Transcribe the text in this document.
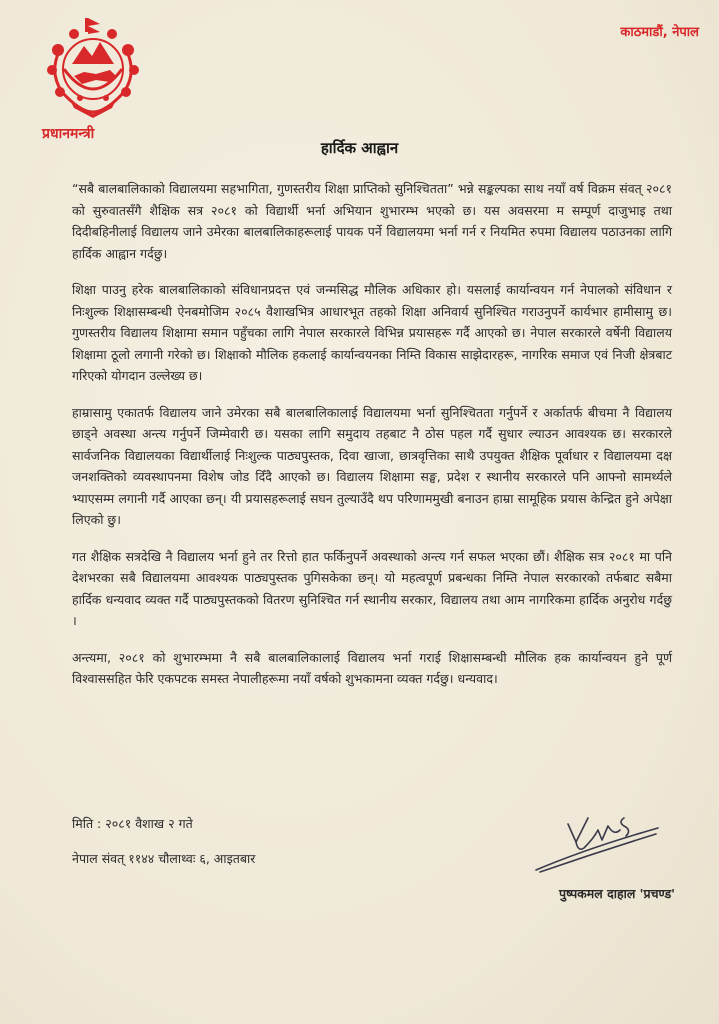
प्रधानमन्त्री
काठमाडौं, नेपाल
हार्दिक आह्वान

“सबै बालबालिकाको विद्यालयमा सहभागिता, गुणस्तरीय शिक्षा प्राप्तिको सुनिश्चितता” भन्ने सङ्कल्पका साथ नयाँ वर्ष विक्रम संवत् २०८१ को सुरुवातसँगै शैक्षिक सत्र २०८१ को विद्यार्थी भर्ना अभियान शुभारम्भ भएको छ। यस अवसरमा म सम्पूर्ण दाजुभाइ तथा दिदीबहिनीलाई विद्यालय जाने उमेरका बालबालिकाहरूलाई पायक पर्ने विद्यालयमा भर्ना गर्न र नियमित रुपमा विद्यालय पठाउनका लागि हार्दिक आह्वान गर्दछु।

शिक्षा पाउनु हरेक बालबालिकाको संविधानप्रदत्त एवं जन्मसिद्ध मौलिक अधिकार हो। यसलाई कार्यान्वयन गर्न नेपालको संविधान र निःशुल्क शिक्षासम्बन्धी ऐनबमोजिम २०८५ वैशाखभित्र आधारभूत तहको शिक्षा अनिवार्य सुनिश्चित गराउनुपर्ने कार्यभार हामीसामु छ। गुणस्तरीय विद्यालय शिक्षामा समान पहुँचका लागि नेपाल सरकारले विभिन्न प्रयासहरू गर्दै आएको छ। नेपाल सरकारले वर्षेनी विद्यालय शिक्षामा ठूलो लगानी गरेको छ। शिक्षाको मौलिक हकलाई कार्यान्वयनका निम्ति विकास साझेदारहरू, नागरिक समाज एवं निजी क्षेत्रबाट गरिएको योगदान उल्लेख्य छ।

हाम्रासामु एकातर्फ विद्यालय जाने उमेरका सबै बालबालिकालाई विद्यालयमा भर्ना सुनिश्चितता गर्नुपर्ने र अर्कातर्फ बीचमा नै विद्यालय छाड्ने अवस्था अन्त्य गर्नुपर्ने जिम्मेवारी छ। यसका लागि समुदाय तहबाट नै ठोस पहल गर्दै सुधार ल्याउन आवश्यक छ। सरकारले सार्वजनिक विद्यालयका विद्यार्थीलाई निःशुल्क पाठ्यपुस्तक, दिवा खाजा, छात्रवृत्तिका साथै उपयुक्त शैक्षिक पूर्वाधार र विद्यालयमा दक्ष जनशक्तिको व्यवस्थापनमा विशेष जोड दिँदै आएको छ। विद्यालय शिक्षामा सङ्घ, प्रदेश र स्थानीय सरकारले पनि आफ्नो सामर्थ्यले भ्याएसम्म लगानी गर्दै आएका छन्। यी प्रयासहरूलाई सघन तुल्याउँदै थप परिणाममुखी बनाउन हाम्रा सामूहिक प्रयास केन्द्रित हुने अपेक्षा लिएको छु।

गत शैक्षिक सत्रदेखि नै विद्यालय भर्ना हुने तर रित्तो हात फर्किनुपर्ने अवस्थाको अन्त्य गर्न सफल भएका छौं। शैक्षिक सत्र २०८१ मा पनि देशभरका सबै विद्यालयमा आवश्यक पाठ्यपुस्तक पुगिसकेका छन्। यो महत्वपूर्ण प्रबन्धका निम्ति नेपाल सरकारको तर्फबाट सबैमा हार्दिक धन्यवाद व्यक्त गर्दै पाठ्यपुस्तकको वितरण सुनिश्चित गर्न स्थानीय सरकार, विद्यालय तथा आम नागरिकमा हार्दिक अनुरोध गर्दछु ।

अन्त्यमा, २०८१ को शुभारम्भमा नै सबै बालबालिकालाई विद्यालय भर्ना गराई शिक्षासम्बन्धी मौलिक हक कार्यान्वयन हुने पूर्ण विश्वाससहित फेरि एकपटक समस्त नेपालीहरूमा नयाँ वर्षको शुभकामना व्यक्त गर्दछु। धन्यवाद।

मिति : २०८१ वैशाख २ गते
नेपाल संवत् ११४४ चौलाथ्वः ६, आइतबार
पुष्पकमल दाहाल 'प्रचण्ड'
